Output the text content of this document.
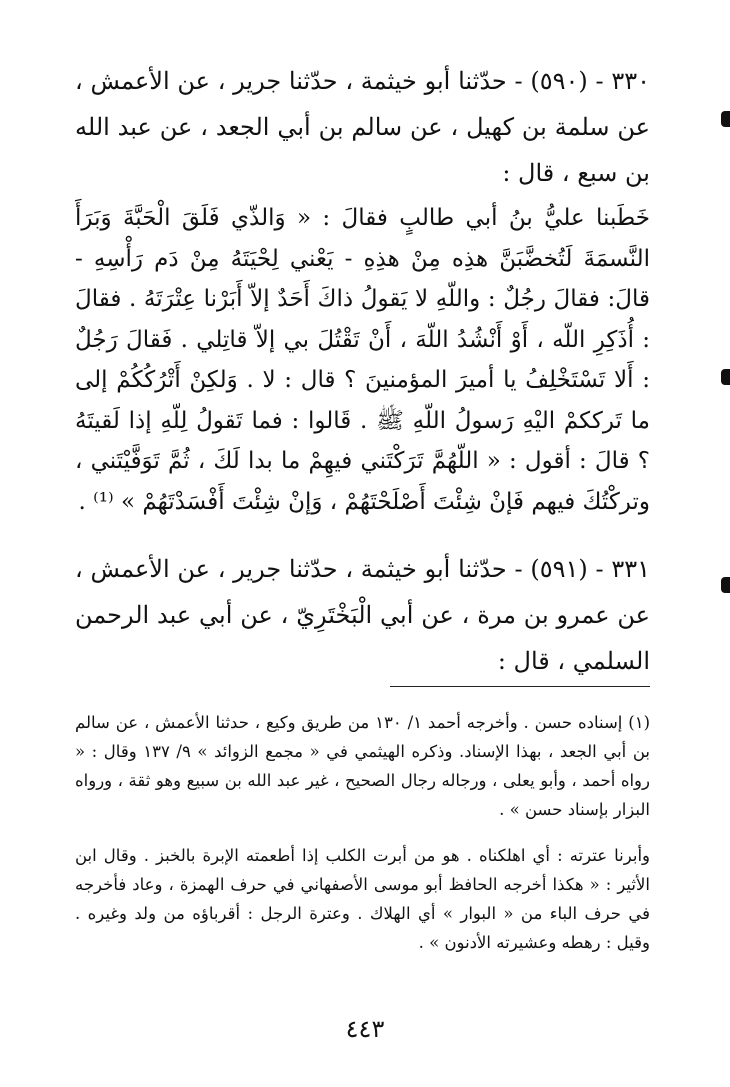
٣٣٠ - (٥٩٠) - حدّثنا أبو خيثمة ، حدّثنا جرير ، عن الأعمش ، عن سلمة بن كهيل ، عن سالم بن أبي الجعد ، عن عبد الله بن سبع ، قال :

خَطَبنا عليُّ بنُ أبي طالبٍ فقالَ : « وَالذّي فَلَقَ الْحَبَّةَ وَبَرَأَ النَّسمَةَ لَتُخضَّبَنَّ هذِه مِنْ هذِهِ - يَعْني لِحْيَتَهُ مِنْ دَم رَأْسِهِ - قالَ: فقالَ رجُلٌ : واللّهِ لا يَقولُ ذاكَ أَحَدٌ إلاّ أَبَرْنا عِتْرَتَهُ . فقالَ : أُذَكِرِ اللّه ، أَوْ أَنْشُدُ اللّهَ ، أَنْ تَقْتُلَ بي إلاّ قاتِلي . فَقالَ رَجُلٌ : أَلا تَسْتَخْلِفُ يا أميرَ المؤمنينَ ؟ قال : لا . وَلكِنْ أَتْرُكُكُمْ إلى ما تَرككمْ اليْهِ رَسولُ اللّهِ ﷺ . قَالوا : فما تَقولُ لِلّهِ إذا لَقيتَهُ ؟ قالَ : أقول : « اللّهُمَّ تَرَكْتَني فيهِمْ ما بدا لَكَ ، ثُمَّ تَوَفَّيْتَني ، وتركْتُكَ فيهم فَإنْ شِئْتَ أَصْلَحْتَهُمْ ، وَإنْ شِئْتَ أَفْسَدْتَهُمْ » ⁽¹⁾ .

٣٣١ - (٥٩١) - حدّثنا أبو خيثمة ، حدّثنا جرير ، عن الأعمش ، عن عمرو بن مرة ، عن أبي الْبَخْتَرِيّ ، عن أبي عبد الرحمن السلمي ، قال :

(١) إسناده حسن . وأخرجه أحمد ١/ ١٣٠ من طريق وكيع ، حدثنا الأعمش ، عن سالم بن أبي الجعد ، بهذا الإسناد. وذكره الهيثمي في « مجمع الزوائد » ٩/ ١٣٧ وقال : « رواه أحمد ، وأبو يعلى ، ورجاله رجال الصحيح ، غير عبد الله بن سبيع وهو ثقة ، ورواه البزار بإسناد حسن » .

وأبرنا عترته : أي اهلكناه . هو من أبرت الكلب إذا أطعمته الإبرة بالخبز . وقال ابن الأثير : « هكذا أخرجه الحافظ أبو موسى الأصفهاني في حرف الهمزة ، وعاد فأخرجه في حرف الباء من « البوار » أي الهلاك . وعترة الرجل : أقرباؤه من ولد وغيره . وقيل : رهطه وعشيرته الأدنون » .

٤٤٣
